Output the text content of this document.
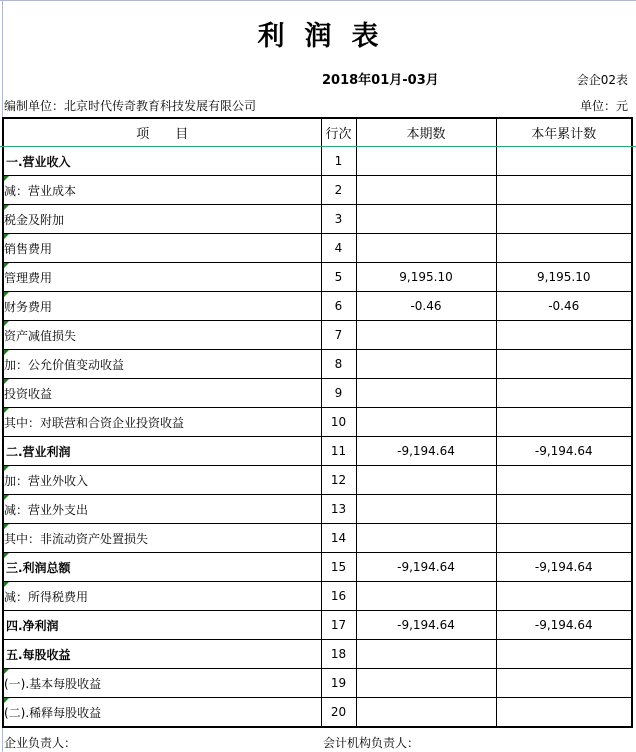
利润表
2018年01月-03月	会企02表
编制单位：北京时代传奇教育科技发展有限公司	单位：元
项　　目	行次	本期数	本年累计数
一.营业收入	1		

减：营业成本	2		

税金及附加	3		

销售费用	4		

管理费用	5	9,195.10	9,195.10

财务费用	6	-0.46	-0.46

资产减值损失	7		

加：公允价值变动收益	8		

投资收益	9		

其中：对联营和合资企业投资收益	10		
二.营业利润	11	-9,194.64	-9,194.64

加：营业外收入	12		

减：营业外支出	13		

其中：非流动资产处置损失	14		

三.利润总额	15	-9,194.64	-9,194.64

减：所得税费用	16		
四.净利润	17	-9,194.64	-9,194.64
五.每股收益	18		

(一).基本每股收益	19		

(二).稀释每股收益	20		
企业负责人：	会计机构负责人：
